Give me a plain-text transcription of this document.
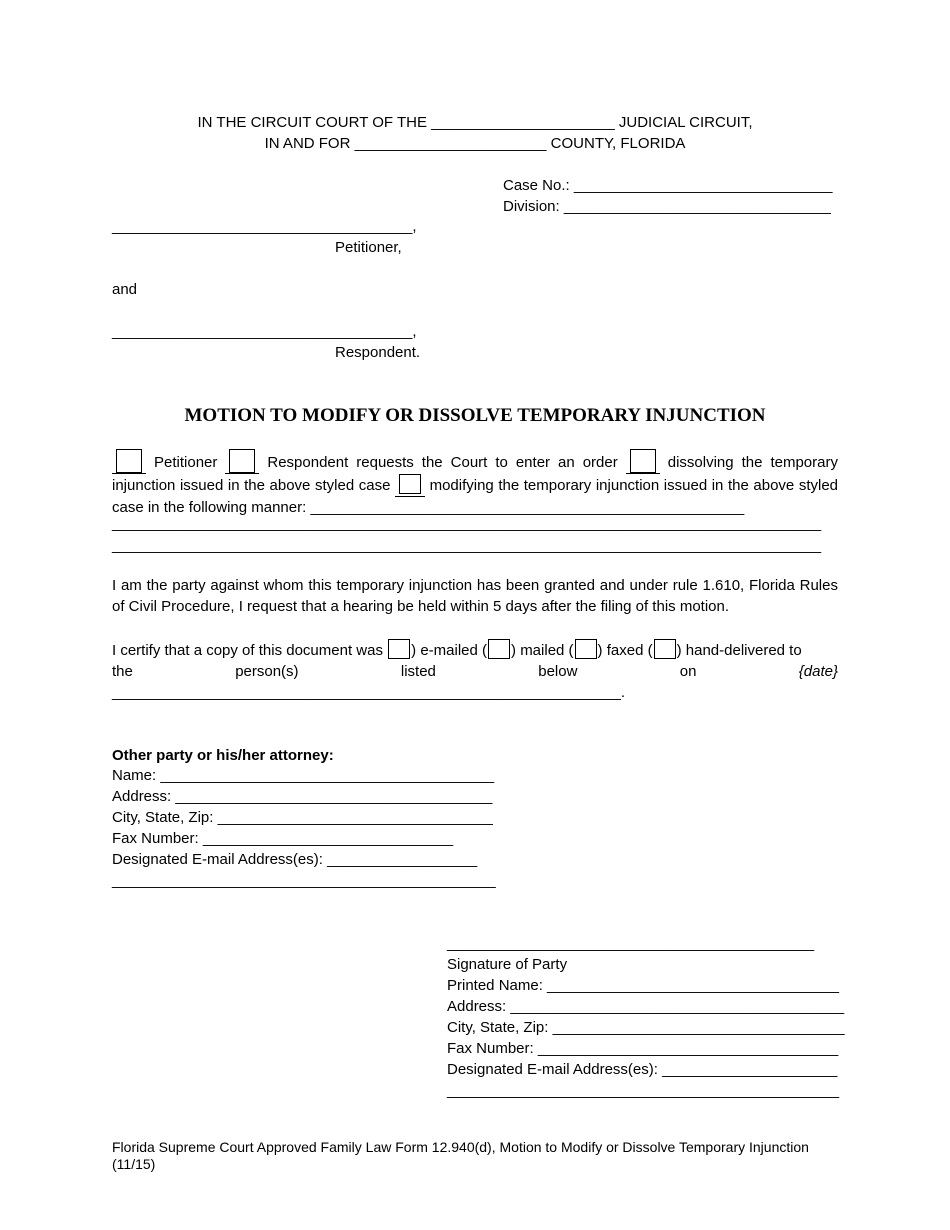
IN THE CIRCUIT COURT OF THE ______________________ JUDICIAL CIRCUIT,
IN AND FOR _______________________ COUNTY, FLORIDA
Case No.: _______________________________
Division: ________________________________
____________________________________,
Petitioner,
and
____________________________________,
Respondent.
MOTION TO MODIFY OR DISSOLVE TEMPORARY INJUNCTION
Petitioner	Respondent requests the Court to enter an order	dissolving the temporary injunction issued in the above styled case	modifying the temporary injunction issued in the above styled case in the following manner: ____________________________________________________
_____________________________________________________________________________________
_____________________________________________________________________________________
I am the party against whom this temporary injunction has been granted and under rule 1.610, Florida Rules of Civil Procedure, I request that a hearing be held within 5 days after the filing of this motion.
I certify that a copy of this document was ) e-mailed ( ) mailed ( ) faxed ( ) hand-delivered to
the	person(s)	listed	below	on	{date}
_____________________________________________________________.
Other party or his/her attorney:
Name: ________________________________________
Address: ______________________________________
City, State, Zip: _________________________________
Fax Number: ______________________________
Designated E-mail Address(es): __________________
______________________________________________
____________________________________________
Signature of Party
Printed Name: ___________________________________
Address: ________________________________________
City, State, Zip: ___________________________________
Fax Number: ____________________________________
Designated E-mail Address(es): _____________________
_______________________________________________
Florida Supreme Court Approved Family Law Form 12.940(d), Motion to Modify or Dissolve Temporary Injunction (11/15)
